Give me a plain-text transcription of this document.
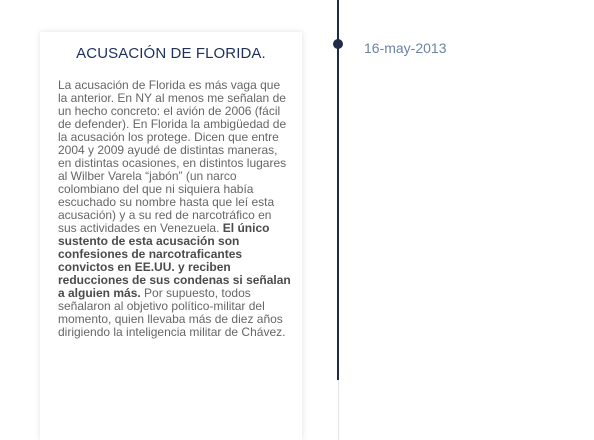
ACUSACIÓN DE FLORIDA.

La acusación de Florida es más vaga que la anterior. En NY al menos me señalan de un hecho concreto: el avión de 2006 (fácil de defender). En Florida la ambigüedad de la acusación los protege. Dicen que entre 2004 y 2009 ayudé de distintas maneras, en distintas ocasiones, en distintos lugares al Wilber Varela “jabón” (un narco colombiano del que ni siquiera había escuchado su nombre hasta que leí esta acusación) y a su red de narcotráfico en sus actividades en Venezuela. El único sustento de esta acusación son confesiones de narcotraficantes convictos en EE.UU. y reciben reducciones de sus condenas si señalan a alguien más. Por supuesto, todos señalaron al objetivo político-militar del momento, quien llevaba más de diez años dirigiendo la inteligencia militar de Chávez.

16-may-2013
